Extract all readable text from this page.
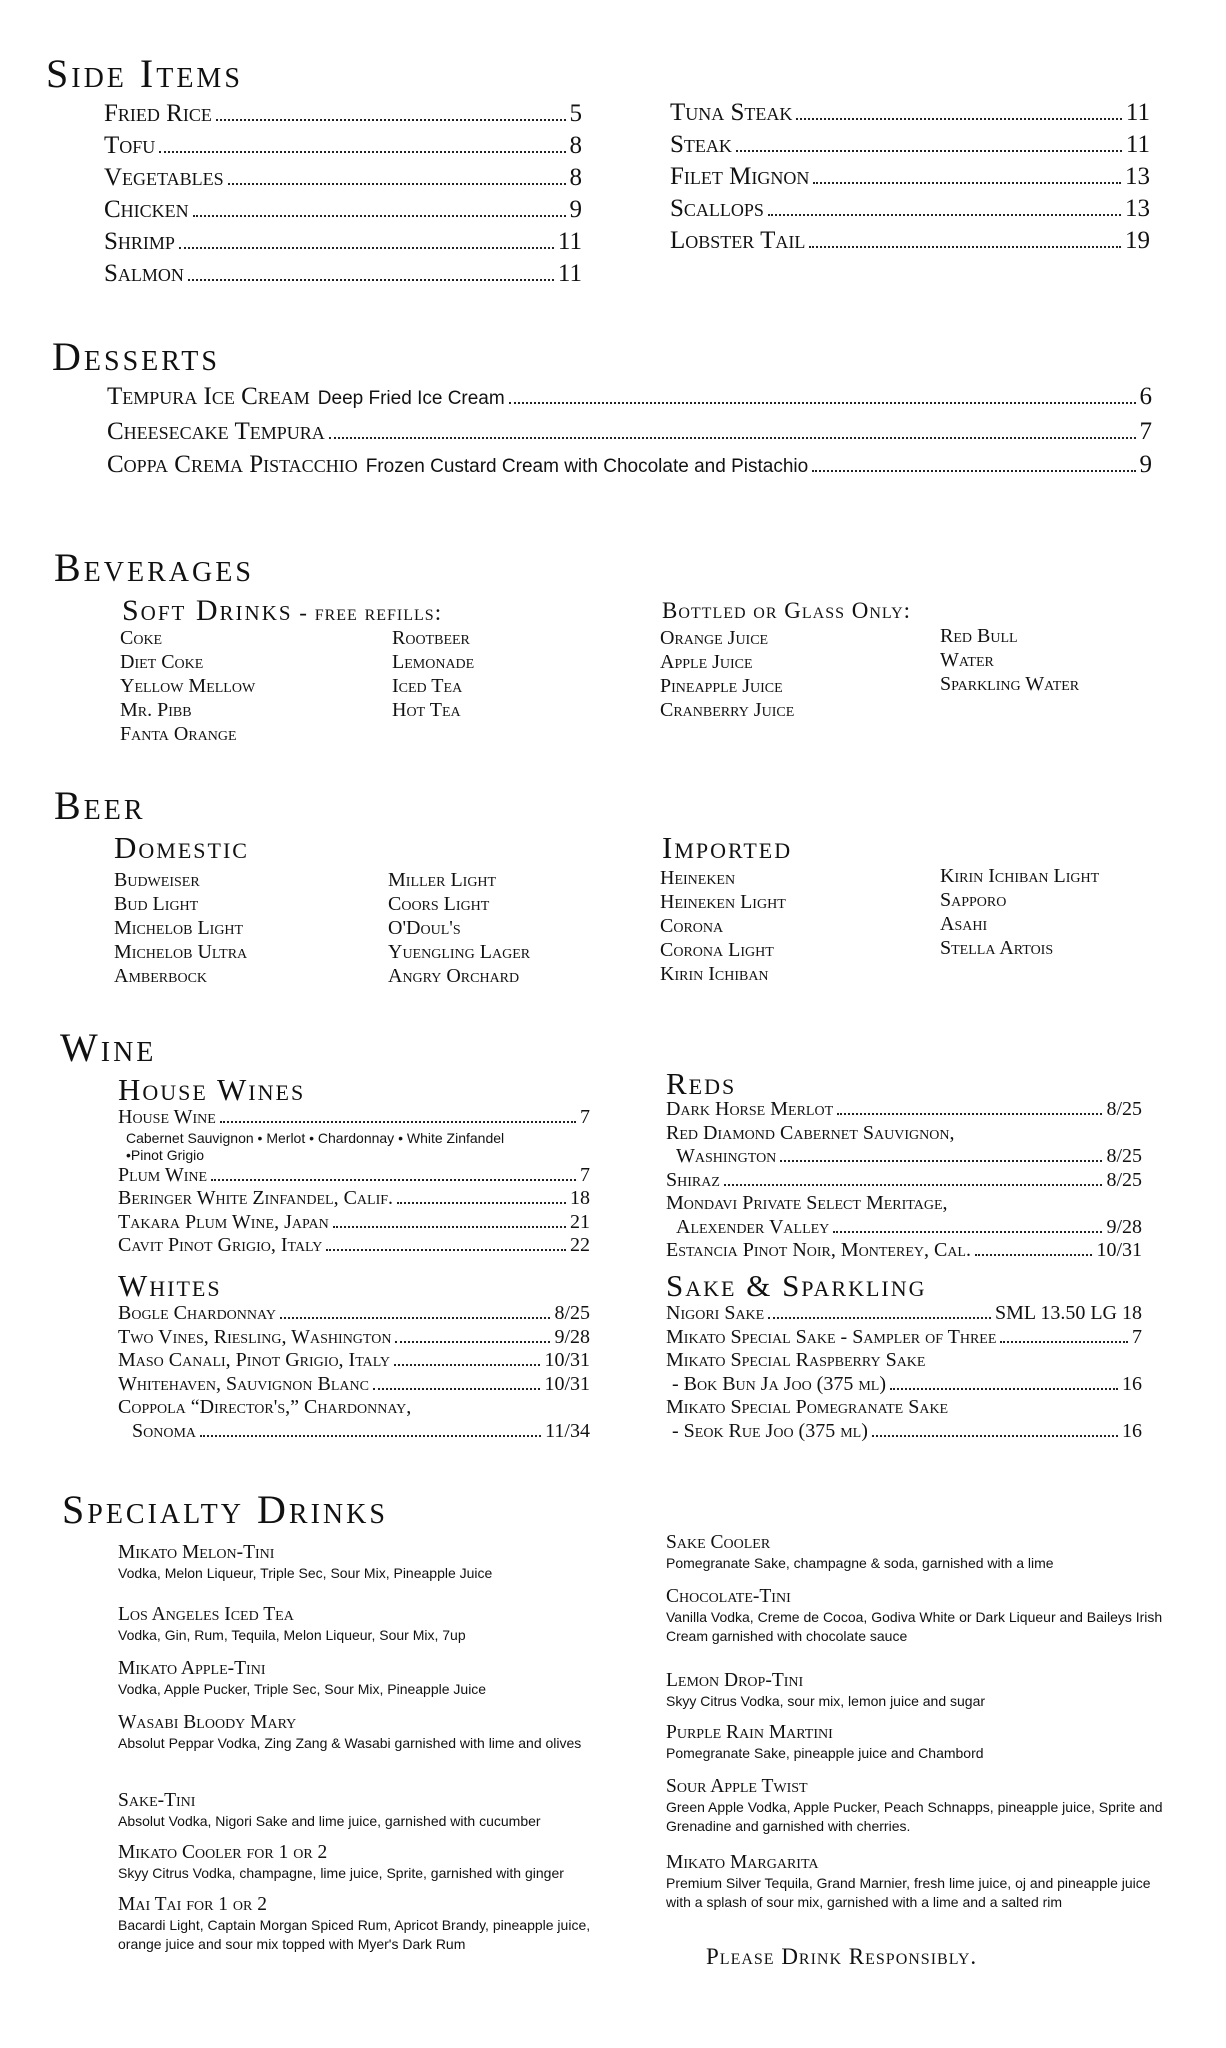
Side Items
Fried Rice	5
Tofu	8
Vegetables	8
Chicken	9
Shrimp	11
Salmon	11
Tuna Steak	11
Steak	11
Filet Mignon	13
Scallops	13
Lobster Tail	19
Desserts
Tempura Ice Cream Deep Fried Ice Cream	6
Cheesecake Tempura	7
Coppa Crema Pistacchio Frozen Custard Cream with Chocolate and Pistachio	9
Beverages
Soft Drinks - free refills:
Coke
Diet Coke
Yellow Mellow
Mr. Pibb
Fanta Orange
Rootbeer
Lemonade
Iced Tea
Hot Tea
Bottled or Glass Only:
Orange Juice
Apple Juice
Pineapple Juice
Cranberry Juice
Red Bull
Water
Sparkling Water
Beer
Domestic
Budweiser
Bud Light
Michelob Light
Michelob Ultra
Amberbock
Miller Light
Coors Light
O'Doul's
Yuengling Lager
Angry Orchard
Imported
Heineken
Heineken Light
Corona
Corona Light
Kirin Ichiban
Kirin Ichiban Light
Sapporo
Asahi
Stella Artois
Wine
House Wines
House Wine	7
Cabernet Sauvignon • Merlot • Chardonnay • White Zinfandel
•Pinot Grigio
Plum Wine	7
Beringer White Zinfandel, Calif.	18
Takara Plum Wine, Japan	21
Cavit Pinot Grigio, Italy	22
Whites
Bogle Chardonnay	8/25
Two Vines, Riesling, Washington	9/28
Maso Canali, Pinot Grigio, Italy	10/31
Whitehaven, Sauvignon Blanc	10/31
Coppola “Director's,” Chardonnay,
Sonoma	11/34
Reds
Dark Horse Merlot	8/25
Red Diamond Cabernet Sauvignon,
Washington	8/25
Shiraz	8/25
Mondavi Private Select Meritage,
Alexender Valley	9/28
Estancia Pinot Noir, Monterey, Cal.	10/31
Sake & Sparkling
Nigori Sake	SML 13.50 LG 18
Mikato Special Sake - Sampler of Three	7
Mikato Special Raspberry Sake
- Bok Bun Ja Joo (375 ml)	16
Mikato Special Pomegranate Sake
- Seok Rue Joo (375 ml)	16
Specialty Drinks
Mikato Melon-Tini
Vodka, Melon Liqueur, Triple Sec, Sour Mix, Pineapple Juice
Los Angeles Iced Tea
Vodka, Gin, Rum, Tequila, Melon Liqueur, Sour Mix, 7up
Mikato Apple-Tini
Vodka, Apple Pucker, Triple Sec, Sour Mix, Pineapple Juice
Wasabi Bloody Mary
Absolut Peppar Vodka, Zing Zang & Wasabi garnished with lime and olives
Sake-Tini
Absolut Vodka, Nigori Sake and lime juice, garnished with cucumber
Mikato Cooler for 1 or 2
Skyy Citrus Vodka, champagne, lime juice, Sprite, garnished with ginger
Mai Tai for 1 or 2
Bacardi Light, Captain Morgan Spiced Rum, Apricot Brandy, pineapple juice, orange juice and sour mix topped with Myer's Dark Rum
Sake Cooler
Pomegranate Sake, champagne & soda, garnished with a lime
Chocolate-Tini
Vanilla Vodka, Creme de Cocoa, Godiva White or Dark Liqueur and Baileys Irish Cream garnished with chocolate sauce
Lemon Drop-Tini
Skyy Citrus Vodka, sour mix, lemon juice and sugar
Purple Rain Martini
Pomegranate Sake, pineapple juice and Chambord
Sour Apple Twist
Green Apple Vodka, Apple Pucker, Peach Schnapps, pineapple juice, Sprite and Grenadine and garnished with cherries.
Mikato Margarita
Premium Silver Tequila, Grand Marnier, fresh lime juice, oj and pineapple juice with a splash of sour mix, garnished with a lime and a salted rim
Please Drink Responsibly.
